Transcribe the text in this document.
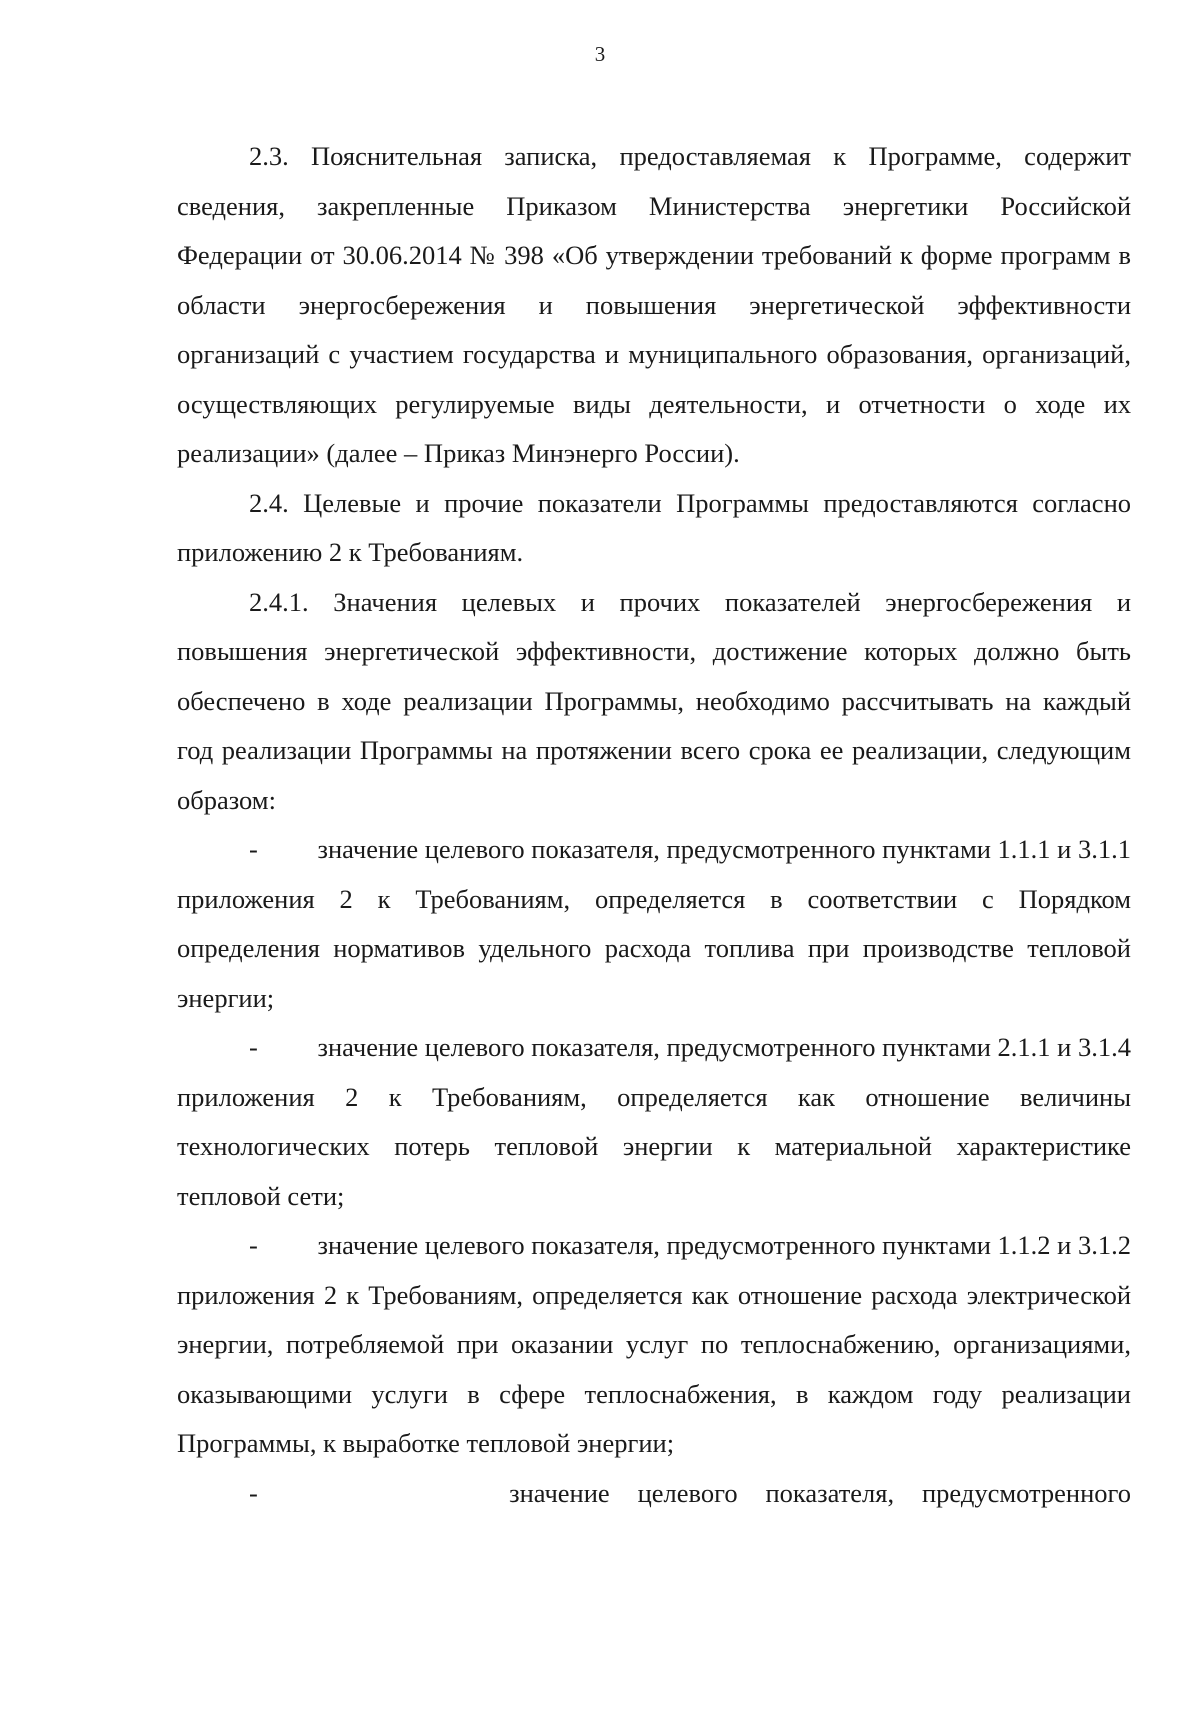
3

2.3. Пояснительная записка, предоставляемая к Программе, содержит сведения, закрепленные Приказом Министерства энергетики Российской Федерации от 30.06.2014 № 398 «Об утверждении требований к форме программ в области энергосбережения и повышения энергетической эффективности организаций с участием государства и муниципального образования, организаций, осуществляющих регулируемые виды деятельности, и отчетности о ходе их реализации» (далее – Приказ Минэнерго России).

2.4. Целевые и прочие показатели Программы предоставляются согласно приложению 2 к Требованиям.

2.4.1. Значения целевых и прочих показателей энергосбережения и повышения энергетической эффективности, достижение которых должно быть обеспечено в ходе реализации Программы, необходимо рассчитывать на каждый год реализации Программы на протяжении всего срока ее реализации, следующим образом:

-         значение целевого показателя, предусмотренного пунктами 1.1.1 и 3.1.1 приложения 2 к Требованиям, определяется в соответствии с Порядком определения нормативов удельного расхода топлива при производстве тепловой энергии;

-         значение целевого показателя, предусмотренного пунктами 2.1.1 и 3.1.4 приложения 2 к Требованиям, определяется как отношение величины технологических потерь тепловой энергии к материальной характеристике тепловой сети;

-         значение целевого показателя, предусмотренного пунктами 1.1.2 и 3.1.2 приложения 2 к Требованиям, определяется как отношение расхода электрической энергии, потребляемой при оказании услуг по теплоснабжению, организациями, оказывающими услуги в сфере теплоснабжения, в каждом году реализации Программы, к выработке тепловой энергии;

-         значение целевого показателя, предусмотренного
